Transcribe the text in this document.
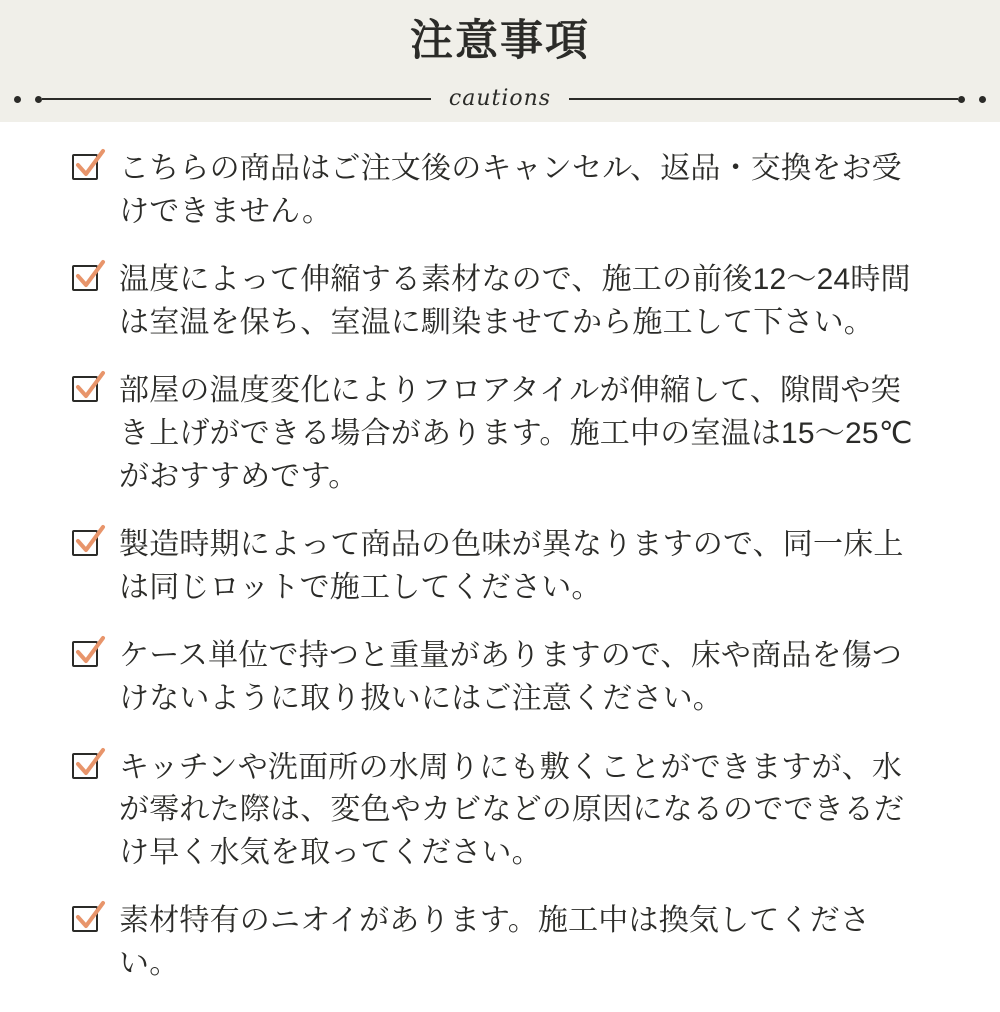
注意事項
cautions
こちらの商品はご注文後のキャンセル、返品・交換をお受けできません。
温度によって伸縮する素材なので、施工の前後12〜24時間は室温を保ち、室温に馴染ませてから施工して下さい。
部屋の温度変化によりフロアタイルが伸縮して、隙間や突き上げができる場合があります。施工中の室温は15〜25℃がおすすめです。
製造時期によって商品の色味が異なりますので、同一床上は同じロットで施工してください。
ケース単位で持つと重量がありますので、床や商品を傷つけないように取り扱いにはご注意ください。
キッチンや洗面所の水周りにも敷くことができますが、水が零れた際は、変色やカビなどの原因になるのでできるだけ早く水気を取ってください。
素材特有のニオイがあります。施工中は換気してください。
